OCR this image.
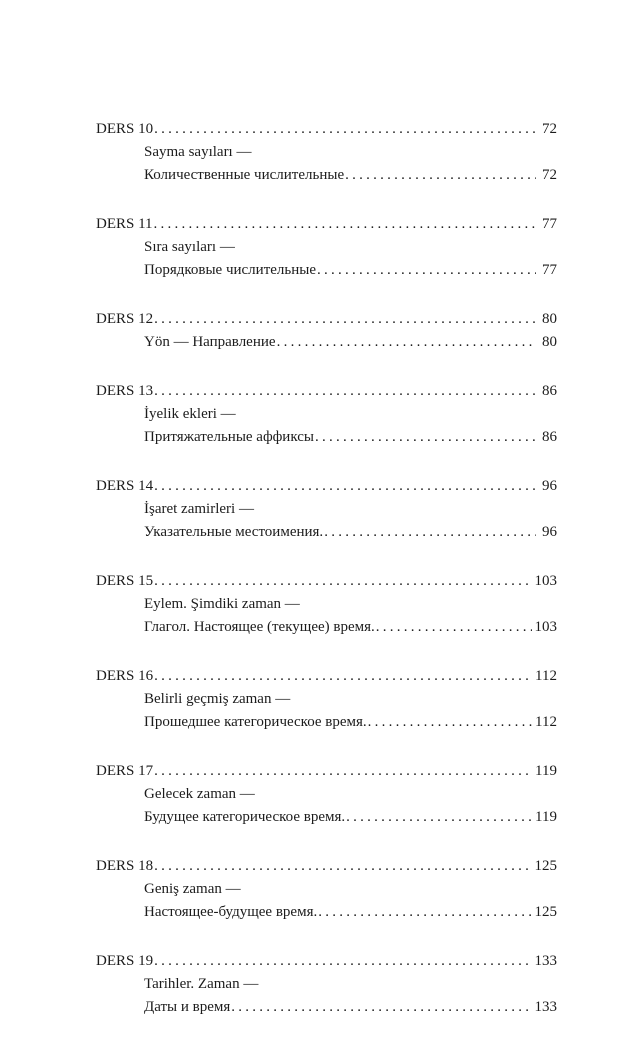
DERS 10 . . .	72
Sayma sayıları —
Количественные числительные . . .	72
DERS 11 . . .	77
Sıra sayıları —
Порядковые числительные . . .	77
DERS 12 . . .	80
Yön — Направление . . .	80
DERS 13 . . .	86
İyelik ekleri —
Притяжательные аффиксы . . .	86
DERS 14 . . .	96
İşaret zamirleri —
Указательные местоимения. . . .	96
DERS 15 . . .	103
Eylem. Şimdiki zaman —
Глагол. Настоящее (текущее) время. . . .	103
DERS 16 . . .	112
Belirli geçmiş zaman —
Прошедшее категорическое время. . . .	112
DERS 17 . . .	119
Gelecek zaman —
Будущее категорическое время. . . .	119
DERS 18 . . .	125
Geniş zaman —
Настоящее-будущее время. . . .	125
DERS 19 . . .	133
Tarihler. Zaman —
Даты и время . . .	133
